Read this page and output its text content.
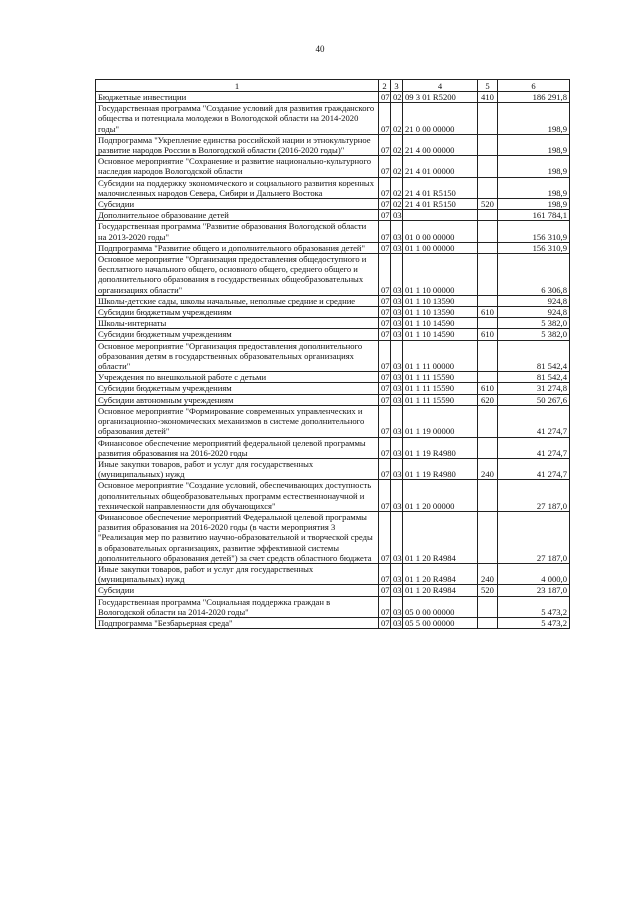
40
1	2	3	4	5	6
Бюджетные инвестиции	07	02	09 3 01 R5200	410	186 291,8
Государственная программа "Создание условий для развития гражданского общества и потенциала молодежи в Вологодской области на 2014-2020 годы"	07	02	21 0 00 00000		198,9
Подпрограмма "Укрепление единства российской нации и этнокультурное развитие народов России в Вологодской области (2016-2020 годы)"	07	02	21 4 00 00000		198,9
Основное мероприятие "Сохранение и развитие национально-культурного наследия народов Вологодской области	07	02	21 4 01 00000		198,9
Субсидии на поддержку экономического и социального развития коренных малочисленных народов Севера, Сибири и Дальнего Востока	07	02	21 4 01 R5150		198,9
Субсидии	07	02	21 4 01 R5150	520	198,9
Дополнительное образование детей	07	03			161 784,1
Государственная программа "Развитие образования Вологодской области на 2013-2020 годы"	07	03	01 0 00 00000		156 310,9
Подпрограмма "Развитие общего и дополнительного образования детей"	07	03	01 1 00 00000		156 310,9
Основное мероприятие "Организация предоставления общедоступного и бесплатного начального общего, основного общего, среднего общего и дополнительного образования в государственных общеобразовательных организациях области"	07	03	01 1 10 00000		6 306,8
Школы-детские сады, школы начальные, неполные средние и средние	07	03	01 1 10 13590		924,8
Субсидии бюджетным учреждениям	07	03	01 1 10 13590	610	924,8
Школы-интернаты	07	03	01 1 10 14590		5 382,0
Субсидии бюджетным учреждениям	07	03	01 1 10 14590	610	5 382,0
Основное мероприятие "Организация предоставления дополнительного образования детям в государственных образовательных организациях области"	07	03	01 1 11 00000		81 542,4
Учреждения по внешкольной работе с детьми	07	03	01 1 11 15590		81 542,4
Субсидии бюджетным учреждениям	07	03	01 1 11 15590	610	31 274,8
Субсидии автономным учреждениям	07	03	01 1 11 15590	620	50 267,6
Основное мероприятие "Формирование современных управленческих и организационно-экономических механизмов в системе дополнительного образования детей"	07	03	01 1 19 00000		41 274,7
Финансовое обеспечение мероприятий федеральной целевой программы развития образования на 2016-2020 годы	07	03	01 1 19 R4980		41 274,7
Иные закупки товаров, работ и услуг для государственных (муниципальных) нужд	07	03	01 1 19 R4980	240	41 274,7
Основное мероприятие "Создание условий, обеспечивающих доступность дополнительных общеобразовательных программ естественнонаучной и технической направленности для обучающихся"	07	03	01 1 20 00000		27 187,0
Финансовое обеспечение мероприятий Федеральной целевой программы развития образования на 2016-2020 годы (в части мероприятия 3 "Реализация мер по развитию научно-образовательной и творческой среды в образовательных организациях, развитие эффективной системы дополнительного образования детей") за счет средств областного бюджета	07	03	01 1 20 R4984		27 187,0
Иные закупки товаров, работ и услуг для государственных (муниципальных) нужд	07	03	01 1 20 R4984	240	4 000,0
Субсидии	07	03	01 1 20 R4984	520	23 187,0
Государственная программа "Социальная поддержка граждан в Вологодской области на 2014-2020 годы"	07	03	05 0 00 00000		5 473,2
Подпрограмма "Безбарьерная среда"	07	03	05 5 00 00000		5 473,2
